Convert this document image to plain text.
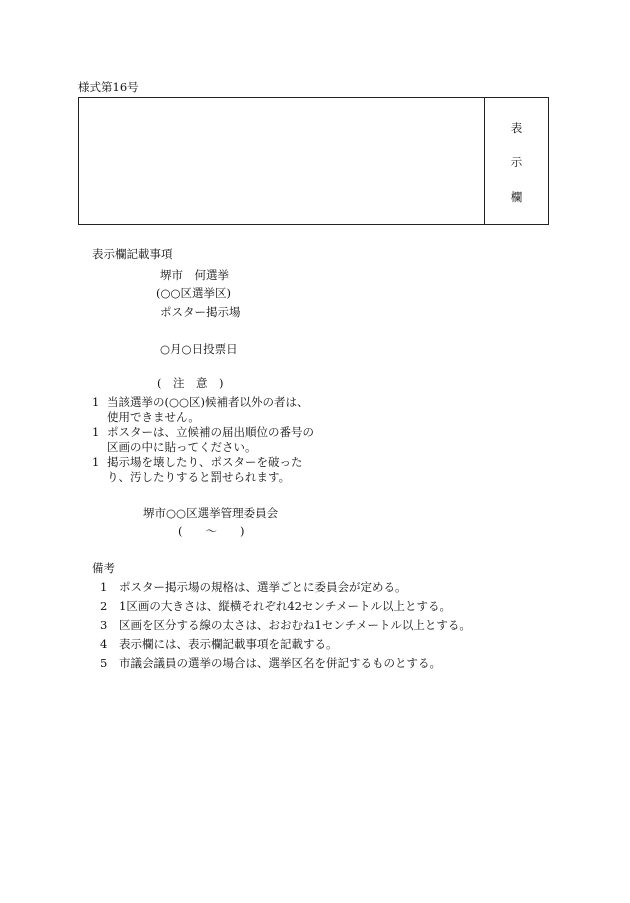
様式第16号
表
示
欄
表示欄記載事項
堺市　何選挙
(○○区選挙区)
ポスター掲示場
○月○日投票日
(　注　意　)
1 当該選挙の(○○区)候補者以外の者は、
使用できません。
1 ポスターは、立候補の届出順位の番号の
区画の中に貼ってください。
1 掲示場を壊したり、ポスターを破った
り、汚したりすると罰せられます。
堺市○○区選挙管理委員会
(　　～　　)
備考
1 ポスター掲示場の規格は、選挙ごとに委員会が定める。
2 1区画の大きさは、縦横それぞれ42センチメートル以上とする。
3 区画を区分する線の太さは、おおむね1センチメートル以上とする。
4 表示欄には、表示欄記載事項を記載する。
5 市議会議員の選挙の場合は、選挙区名を併記するものとする。
